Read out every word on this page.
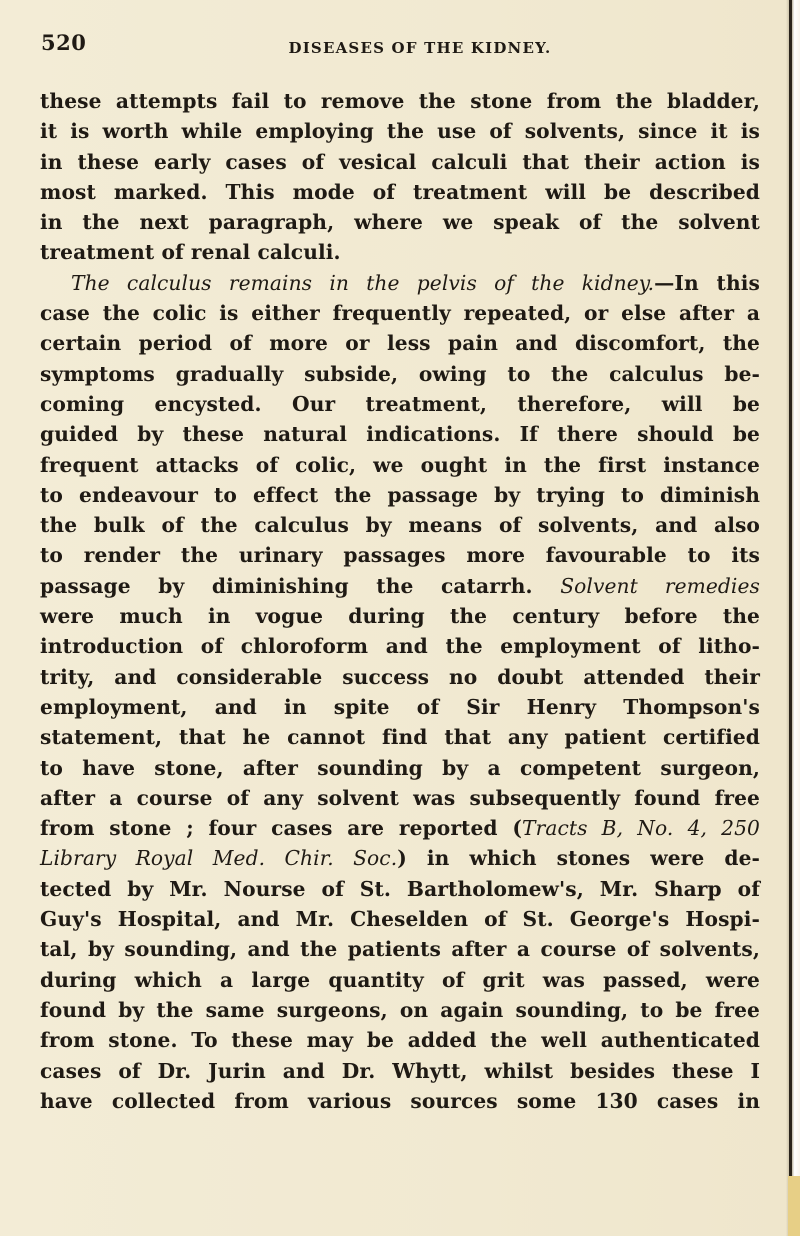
520	DISEASES OF THE KIDNEY.
these attempts fail to remove the stone from the bladder,
it is worth while employing the use of solvents, since it is
in these early cases of vesical calculi that their action is
most marked. This mode of treatment will be described
in the next paragraph, where we speak of the solvent
treatment of renal calculi.
The calculus remains in the pelvis of the kidney.—In this
case the colic is either frequently repeated, or else after a
certain period of more or less pain and discomfort, the
symptoms gradually subside, owing to the calculus be-
coming encysted. Our treatment, therefore, will be
guided by these natural indications. If there should be
frequent attacks of colic, we ought in the first instance
to endeavour to effect the passage by trying to diminish
the bulk of the calculus by means of solvents, and also
to render the urinary passages more favourable to its
passage by diminishing the catarrh. Solvent remedies
were much in vogue during the century before the
introduction of chloroform and the employment of litho-
trity, and considerable success no doubt attended their
employment, and in spite of Sir Henry Thompson's
statement, that he cannot find that any patient certified
to have stone, after sounding by a competent surgeon,
after a course of any solvent was subsequently found free
from stone ; four cases are reported (Tracts B, No. 4, 250
Library Royal Med. Chir. Soc.) in which stones were de-
tected by Mr. Nourse of St. Bartholomew's, Mr. Sharp of
Guy's Hospital, and Mr. Cheselden of St. George's Hospi-
tal, by sounding, and the patients after a course of solvents,
during which a large quantity of grit was passed, were
found by the same surgeons, on again sounding, to be free
from stone. To these may be added the well authenticated
cases of Dr. Jurin and Dr. Whytt, whilst besides these I
have collected from various sources some 130 cases in
